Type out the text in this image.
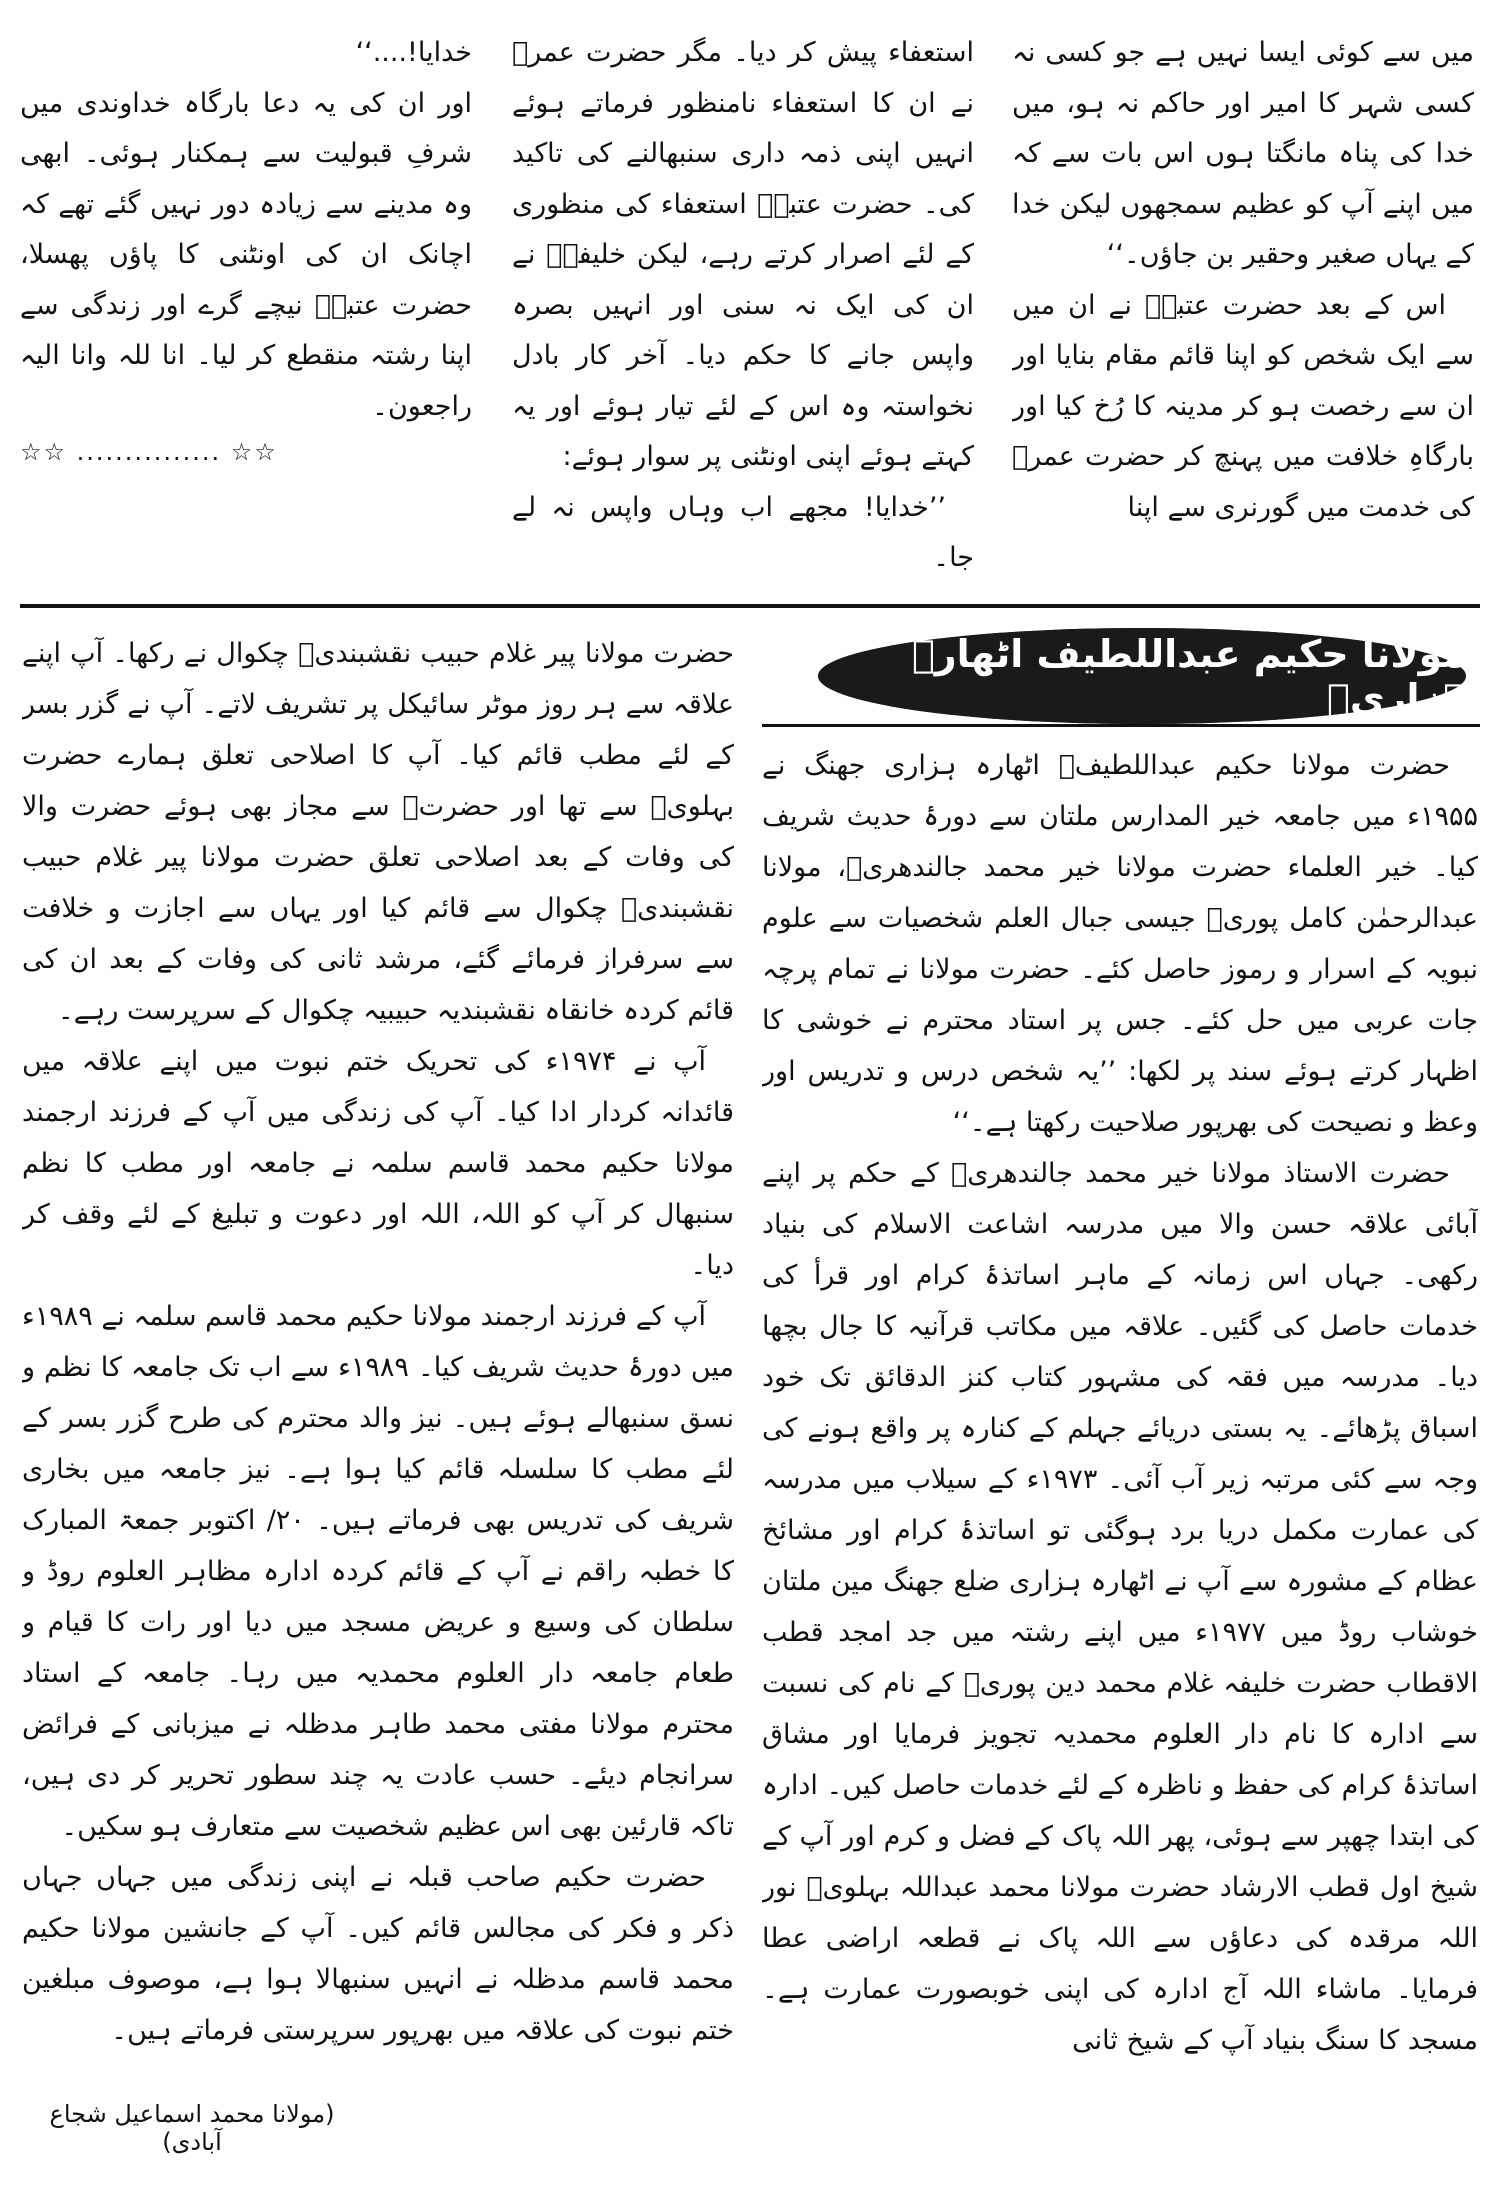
میں سے کوئی ایسا نہیں ہے جو کسی نہ کسی شہر کا امیر اور حاکم نہ ہو، میں خدا کی پناہ مانگتا ہوں اس بات سے کہ میں اپنے آپ کو عظیم سمجھوں لیکن خدا کے یہاں صغیر وحقیر بن جاؤں۔‘‘

اس کے بعد حضرت عتبہؓ نے ان میں سے ایک شخص کو اپنا قائم مقام بنایا اور ان سے رخصت ہو کر مدینہ کا رُخ کیا اور بارگاہِ خلافت میں پہنچ کر حضرت عمرؓ کی خدمت میں گورنری سے اپنا

استعفاء پیش کر دیا۔ مگر حضرت عمرؓ نے ان کا استعفاء نامنظور فرماتے ہوئے انہیں اپنی ذمہ داری سنبھالنے کی تاکید کی۔ حضرت عتبہؓ استعفاء کی منظوری کے لئے اصرار کرتے رہے، لیکن خلیفہؓ نے ان کی ایک نہ سنی اور انہیں بصرہ واپس جانے کا حکم دیا۔ آخر کار بادل نخواستہ وہ اس کے لئے تیار ہوئے اور یہ کہتے ہوئے اپنی اونٹنی پر سوار ہوئے:

’’خدایا! مجھے اب وہاں واپس نہ لے جا۔

خدایا!....‘‘

اور ان کی یہ دعا بارگاہ خداوندی میں شرفِ قبولیت سے ہمکنار ہوئی۔ ابھی وہ مدینے سے زیادہ دور نہیں گئے تھے کہ اچانک ان کی اونٹنی کا پاؤں پھسلا، حضرت عتبہؓ نیچے گرے اور زندگی سے اپنا رشتہ منقطع کر لیا۔ انا للہ وانا الیہ راجعون۔

☆☆ ............... ☆☆
مولانا حکیم عبداللطیف اٹھارہ ہزاریؒ

حضرت مولانا حکیم عبداللطیفؒ اٹھارہ ہزاری جھنگ نے ۱۹۵۵ء میں جامعہ خیر المدارس ملتان سے دورۂ حدیث شریف کیا۔ خیر العلماء حضرت مولانا خیر محمد جالندھریؒ، مولانا عبدالرحمٰن کامل پوریؒ جیسی جبال العلم شخصیات سے علوم نبویہ کے اسرار و رموز حاصل کئے۔ حضرت مولانا نے تمام پرچہ جات عربی میں حل کئے۔ جس پر استاد محترم نے خوشی کا اظہار کرتے ہوئے سند پر لکھا: ’’یہ شخص درس و تدریس اور وعظ و نصیحت کی بھرپور صلاحیت رکھتا ہے۔‘‘

حضرت الاستاذ مولانا خیر محمد جالندھریؒ کے حکم پر اپنے آبائی علاقہ حسن والا میں مدرسہ اشاعت الاسلام کی بنیاد رکھی۔ جہاں اس زمانہ کے ماہر اساتذۂ کرام اور قرأ کی خدمات حاصل کی گئیں۔ علاقہ میں مکاتب قرآنیہ کا جال بچھا دیا۔ مدرسہ میں فقہ کی مشہور کتاب کنز الدقائق تک خود اسباق پڑھائے۔ یہ بستی دریائے جہلم کے کنارہ پر واقع ہونے کی وجہ سے کئی مرتبہ زیر آب آئی۔ ۱۹۷۳ء کے سیلاب میں مدرسہ کی عمارت مکمل دریا برد ہوگئی تو اساتذۂ کرام اور مشائخ عظام کے مشورہ سے آپ نے اٹھارہ ہزاری ضلع جھنگ مین ملتان خوشاب روڈ میں ۱۹۷۷ء میں اپنے رشتہ میں جد امجد قطب الاقطاب حضرت خلیفہ غلام محمد دین پوریؒ کے نام کی نسبت سے ادارہ کا نام دار العلوم محمدیہ تجویز فرمایا اور مشاق اساتذۂ کرام کی حفظ و ناظرہ کے لئے خدمات حاصل کیں۔ ادارہ کی ابتدا چھپر سے ہوئی، پھر اللہ پاک کے فضل و کرم اور آپ کے شیخ اول قطب الارشاد حضرت مولانا محمد عبداللہ بہلویؒ نور اللہ مرقدہ کی دعاؤں سے اللہ پاک نے قطعہ اراضی عطا فرمایا۔ ماشاء اللہ آج ادارہ کی اپنی خوبصورت عمارت ہے۔ مسجد کا سنگ بنیاد آپ کے شیخ ثانی

حضرت مولانا پیر غلام حبیب نقشبندیؒ چکوال نے رکھا۔ آپ اپنے علاقہ سے ہر روز موٹر سائیکل پر تشریف لاتے۔ آپ نے گزر بسر کے لئے مطب قائم کیا۔ آپ کا اصلاحی تعلق ہمارے حضرت بہلویؒ سے تھا اور حضرتؒ سے مجاز بھی ہوئے حضرت والا کی وفات کے بعد اصلاحی تعلق حضرت مولانا پیر غلام حبیب نقشبندیؒ چکوال سے قائم کیا اور یہاں سے اجازت و خلافت سے سرفراز فرمائے گئے، مرشد ثانی کی وفات کے بعد ان کی قائم کردہ خانقاہ نقشبندیہ حبیبیہ چکوال کے سرپرست رہے۔

آپ نے ۱۹۷۴ء کی تحریک ختم نبوت میں اپنے علاقہ میں قائدانہ کردار ادا کیا۔ آپ کی زندگی میں آپ کے فرزند ارجمند مولانا حکیم محمد قاسم سلمہ نے جامعہ اور مطب کا نظم سنبھال کر آپ کو اللہ، اللہ اور دعوت و تبلیغ کے لئے وقف کر دیا۔

آپ کے فرزند ارجمند مولانا حکیم محمد قاسم سلمہ نے ۱۹۸۹ء میں دورۂ حدیث شریف کیا۔ ۱۹۸۹ء سے اب تک جامعہ کا نظم و نسق سنبھالے ہوئے ہیں۔ نیز والد محترم کی طرح گزر بسر کے لئے مطب کا سلسلہ قائم کیا ہوا ہے۔ نیز جامعہ میں بخاری شریف کی تدریس بھی فرماتے ہیں۔ ۲۰/ اکتوبر جمعۃ المبارک کا خطبہ راقم نے آپ کے قائم کردہ ادارہ مظاہر العلوم روڈ و سلطان کی وسیع و عریض مسجد میں دیا اور رات کا قیام و طعام جامعہ دار العلوم محمدیہ میں رہا۔ جامعہ کے استاد محترم مولانا مفتی محمد طاہر مدظلہ نے میزبانی کے فرائض سرانجام دیئے۔ حسب عادت یہ چند سطور تحریر کر دی ہیں، تاکہ قارئین بھی اس عظیم شخصیت سے متعارف ہو سکیں۔

حضرت حکیم صاحب قبلہ نے اپنی زندگی میں جہاں جہاں ذکر و فکر کی مجالس قائم کیں۔ آپ کے جانشین مولانا حکیم محمد قاسم مدظلہ نے انہیں سنبھالا ہوا ہے، موصوف مبلغین ختم نبوت کی علاقہ میں بھرپور سرپرستی فرماتے ہیں۔

(مولانا محمد اسماعیل شجاع آبادی)
